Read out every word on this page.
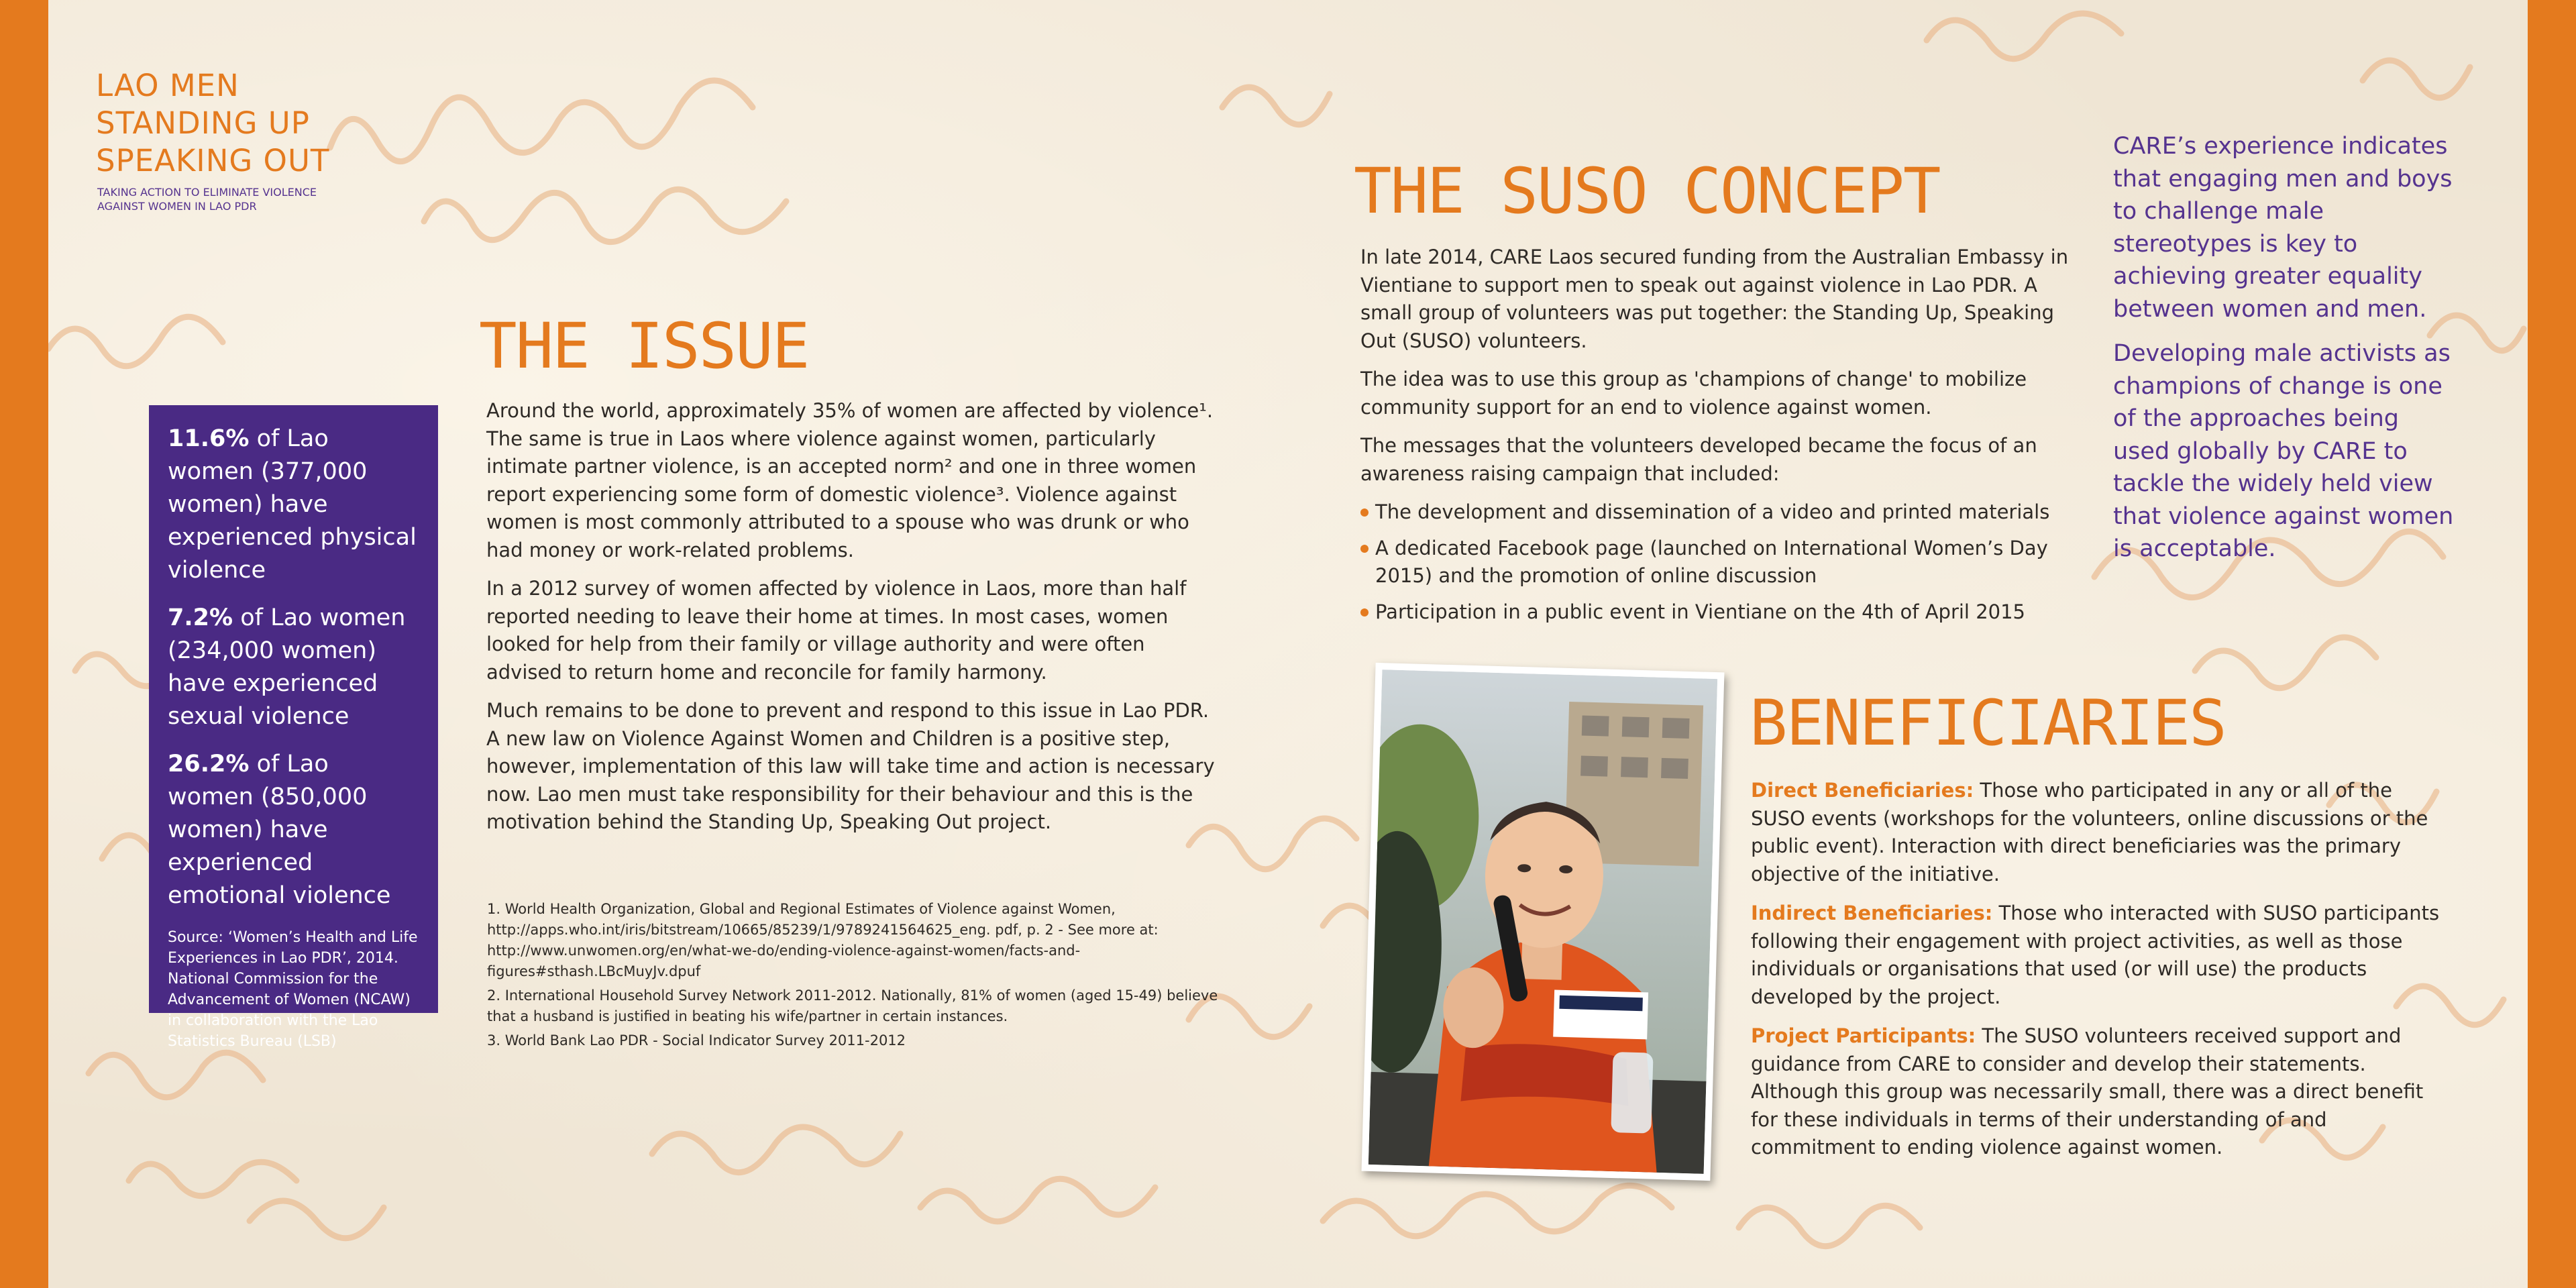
LAO MEN
STANDING UP
SPEAKING OUT
TAKING ACTION TO ELIMINATE VIOLENCE AGAINST WOMEN IN LAO PDR
11.6% of Lao women (377,000 women) have experienced physical violence
7.2% of Lao women (234,000 women) have experienced sexual violence
26.2% of Lao women (850,000 women) have experienced emotional violence
Source: ‘Women’s Health and Life Experiences in Lao PDR’, 2014. National Commission for the Advancement of Women (NCAW) in collaboration with the Lao Statistics Bureau (LSB)
THE ISSUE

Around the world, approximately 35% of women are affected by violence¹. The same is true in Laos where violence against women, particularly intimate partner violence, is an accepted norm² and one in three women report experiencing some form of domestic violence³. Violence against women is most commonly attributed to a spouse who was drunk or who had money or work-related problems.

In a 2012 survey of women affected by violence in Laos, more than half reported needing to leave their home at times. In most cases, women looked for help from their family or village authority and were often advised to return home and reconcile for family harmony.

Much remains to be done to prevent and respond to this issue in Lao PDR. A new law on Violence Against Women and Children is a positive step, however, implementation of this law will take time and action is necessary now. Lao men must take responsibility for their behaviour and this is the motivation behind the Standing Up, Speaking Out project.

1. World Health Organization, Global and Regional Estimates of Violence against Women, http://apps.who.int/iris/bitstream/10665/85239/1/9789241564625_eng. pdf, p. 2 - See more at: http://www.unwomen.org/en/what-we-do/ending-violence-against-women/facts-and-figures#sthash.LBcMuyJv.dpuf

2. International Household Survey Network 2011-2012. Nationally, 81% of women (aged 15-49) believe that a husband is justified in beating his wife/partner in certain instances.

3. World Bank Lao PDR - Social Indicator Survey 2011-2012

THE SUSO CONCEPT

In late 2014, CARE Laos secured funding from the Australian Embassy in Vientiane to support men to speak out against violence in Lao PDR. A small group of volunteers was put together: the Standing Up, Speaking Out (SUSO) volunteers.

The idea was to use this group as 'champions of change' to mobilize community support for an end to violence against women.

The messages that the volunteers developed became the focus of an awareness raising campaign that included:

The development and dissemination of a video and printed materials
A dedicated Facebook page (launched on International Women’s Day 2015) and the promotion of online discussion
Participation in a public event in Vientiane on the 4th of April 2015

CARE’s experience indicates that engaging men and boys to challenge male stereotypes is key to achieving greater equality between women and men.

Developing male activists as champions of change is one of the approaches being used globally by CARE to tackle the widely held view that violence against women is acceptable.

BENEFICIARIES

Direct Beneficiaries: Those who participated in any or all of the SUSO events (workshops for the volunteers, online discussions or the public event). Interaction with direct beneficiaries was the primary objective of the initiative.

Indirect Beneficiaries: Those who interacted with SUSO participants following their engagement with project activities, as well as those individuals or organisations that used (or will use) the products developed by the project.

Project Participants: The SUSO volunteers received support and guidance from CARE to consider and develop their statements. Although this group was necessarily small, there was a direct benefit for these individuals in terms of their understanding of and commitment to ending violence against women.
